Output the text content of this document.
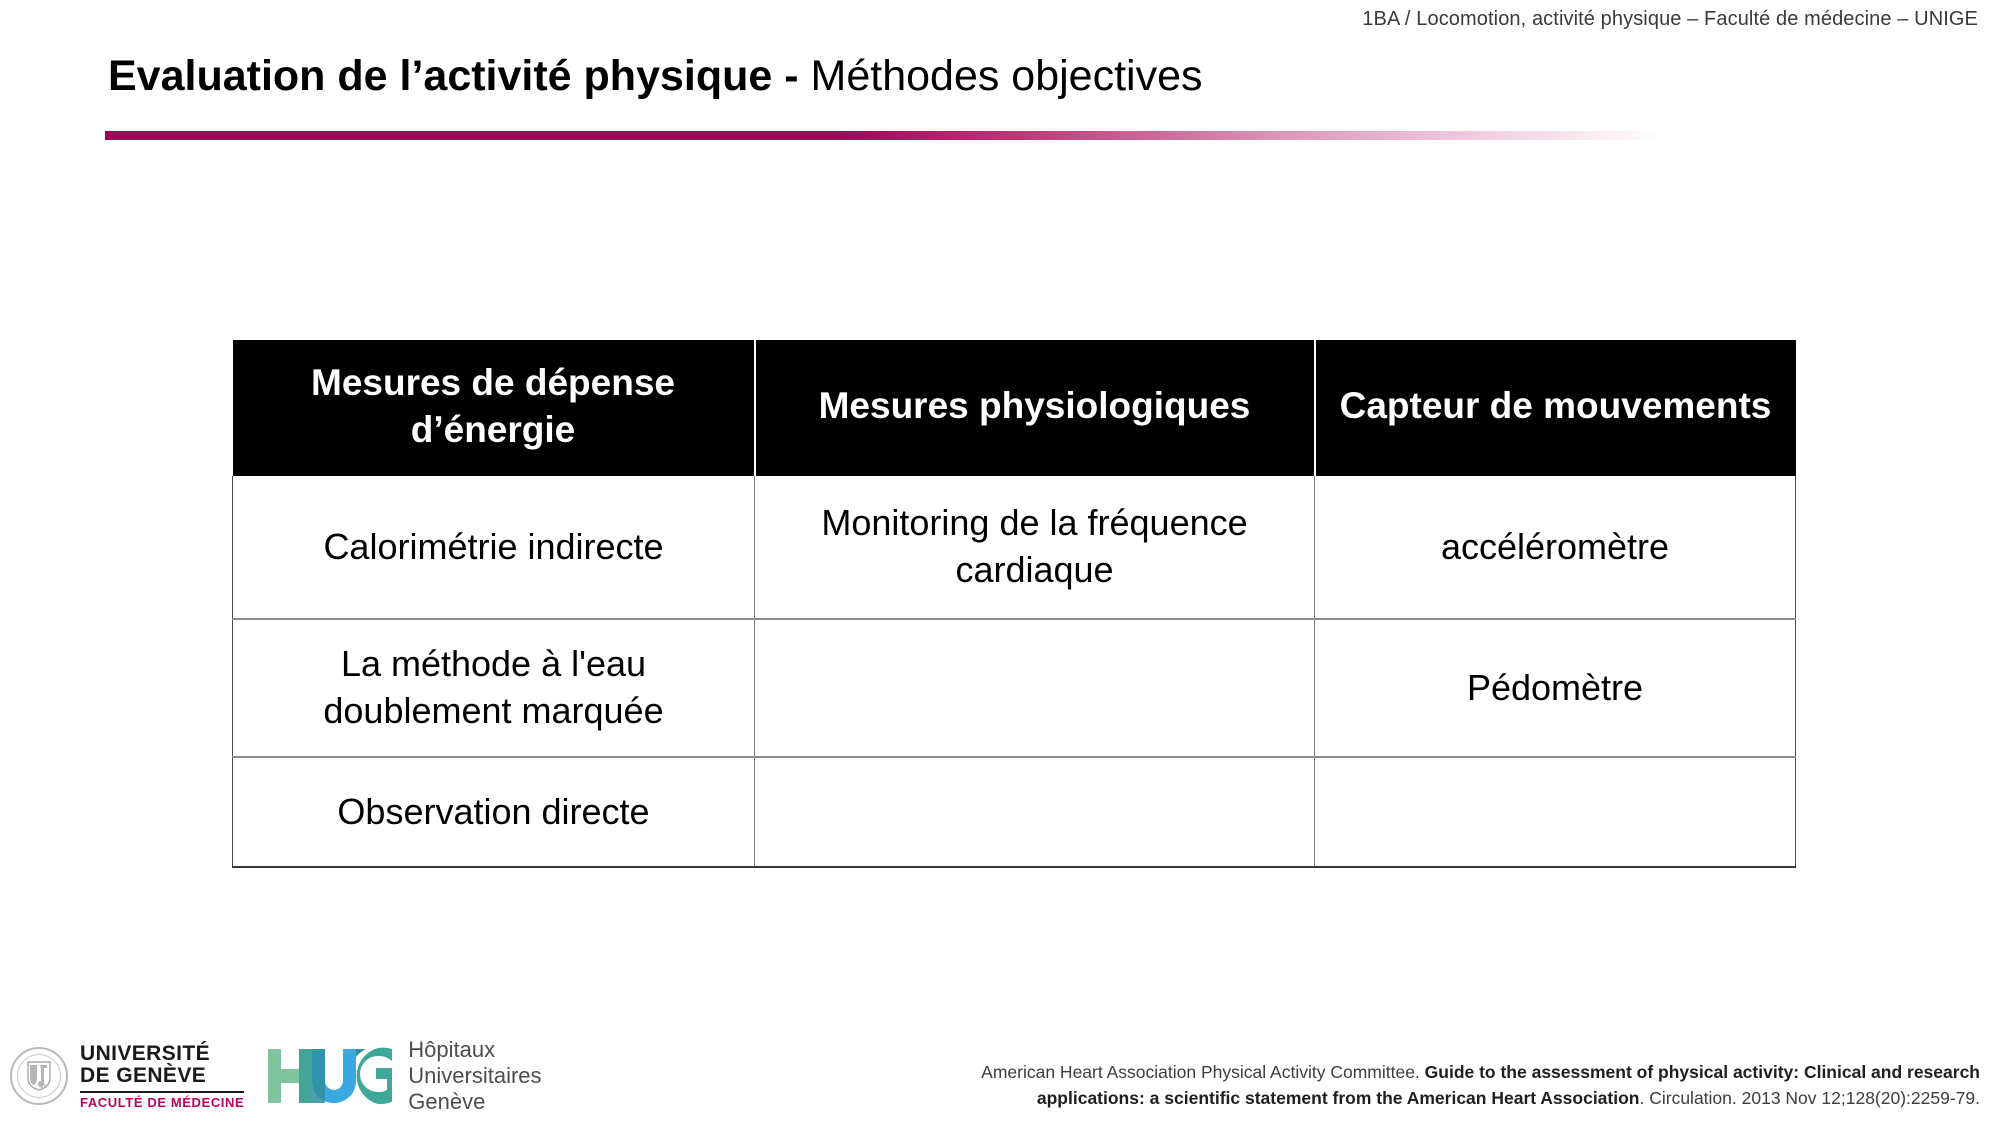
1BA / Locomotion, activité physique – Faculté de médecine – UNIGE
Evaluation de l’activité physique - Méthodes objectives
Mesures de dépense d’énergie	Mesures physiologiques	Capteur de mouvements
Calorimétrie indirecte	Monitoring de la fréquence cardiaque	accéléromètre
La méthode à l'eau doublement marquée		Pédomètre
Observation directe		
UNIVERSITÉ
DE GENÈVE
FACULTÉ DE MÉDECINE
Hôpitaux
Universitaires
Genève
American Heart Association Physical Activity Committee. Guide to the assessment of physical activity: Clinical and research applications: a scientific statement from the American Heart Association. Circulation. 2013 Nov 12;128(20):2259-79.
